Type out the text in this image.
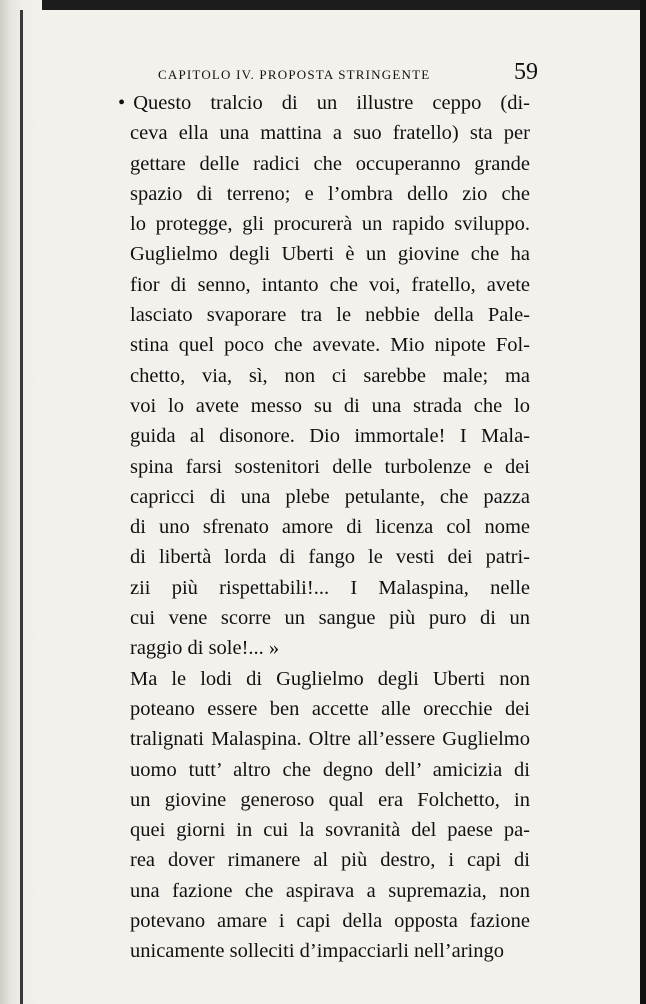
CAPITOLO IV. PROPOSTA STRINGENTE	59
• Questo tralcio di un illustre ceppo (di-
ceva ella una mattina a suo fratello) sta per
gettare delle radici che occuperanno grande
spazio di terreno; e l’ombra dello zio che
lo protegge, gli procurerà un rapido sviluppo.
Guglielmo degli Uberti è un giovine che ha
fior di senno, intanto che voi, fratello, avete
lasciato svaporare tra le nebbie della Pale-
stina quel poco che avevate. Mio nipote Fol-
chetto, via, sì, non ci sarebbe male; ma
voi lo avete messo su di una strada che lo
guida al disonore. Dio immortale! I Mala-
spina farsi sostenitori delle turbolenze e dei
capricci di una plebe petulante, che pazza
di uno sfrenato amore di licenza col nome
di libertà lorda di fango le vesti dei patri-
zii più rispettabili!... I Malaspina, nelle
cui vene scorre un sangue più puro di un
raggio di sole!... »
Ma le lodi di Guglielmo degli Uberti non
poteano essere ben accette alle orecchie dei
tralignati Malaspina. Oltre all’essere Guglielmo
uomo tutt’ altro che degno dell’ amicizia di
un giovine generoso qual era Folchetto, in
quei giorni in cui la sovranità del paese pa-
rea dover rimanere al più destro, i capi di
una fazione che aspirava a supremazia, non
potevano amare i capi della opposta fazione
unicamente solleciti d’impacciarli nell’aringo
